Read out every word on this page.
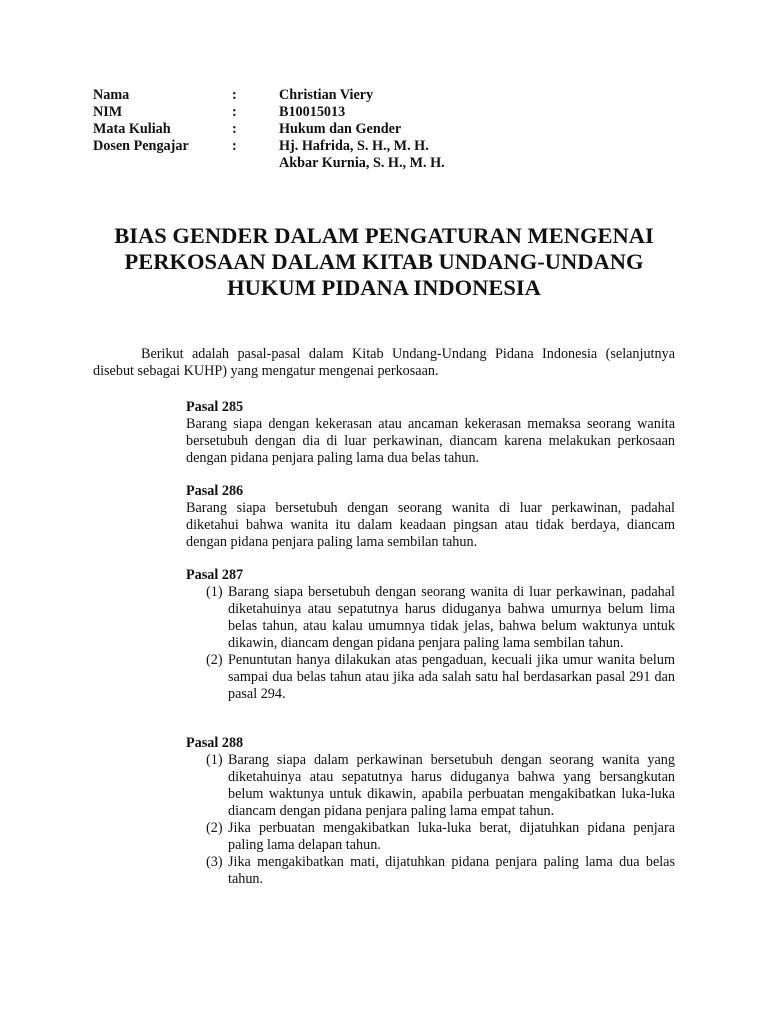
Nama	:	Christian Viery
NIM	:	B10015013
Mata Kuliah	:	Hukum dan Gender
Dosen Pengajar	:	Hj. Hafrida, S. H., M. H.
Akbar Kurnia, S. H., M. H.
BIAS GENDER DALAM PENGATURAN MENGENAI PERKOSAAN DALAM KITAB UNDANG-UNDANG HUKUM PIDANA INDONESIA

Berikut adalah pasal-pasal dalam Kitab Undang-Undang Pidana Indonesia (selanjutnya disebut sebagai KUHP) yang mengatur mengenai perkosaan.

Pasal 285
Barang siapa dengan kekerasan atau ancaman kekerasan memaksa seorang wanita bersetubuh dengan dia di luar perkawinan, diancam karena melakukan perkosaan dengan pidana penjara paling lama dua belas tahun.
Pasal 286
Barang siapa bersetubuh dengan seorang wanita di luar perkawinan, padahal diketahui bahwa wanita itu dalam keadaan pingsan atau tidak berdaya, diancam dengan pidana penjara paling lama sembilan tahun.
Pasal 287
(1) Barang siapa bersetubuh dengan seorang wanita di luar perkawinan, padahal diketahuinya atau sepatutnya harus diduganya bahwa umurnya belum lima belas tahun, atau kalau umumnya tidak jelas, bahwa belum waktunya untuk dikawin, diancam dengan pidana penjara paling lama sembilan tahun.
(2) Penuntutan hanya dilakukan atas pengaduan, kecuali jika umur wanita belum sampai dua belas tahun atau jika ada salah satu hal berdasarkan pasal 291 dan pasal 294.
Pasal 288
(1) Barang siapa dalam perkawinan bersetubuh dengan seorang wanita yang diketahuinya atau sepatutnya harus diduganya bahwa yang bersangkutan belum waktunya untuk dikawin, apabila perbuatan mengakibatkan luka-luka diancam dengan pidana penjara paling lama empat tahun.
(2) Jika perbuatan mengakibatkan luka-luka berat, dijatuhkan pidana penjara paling lama delapan tahun.
(3) Jika mengakibatkan mati, dijatuhkan pidana penjara paling lama dua belas tahun.
